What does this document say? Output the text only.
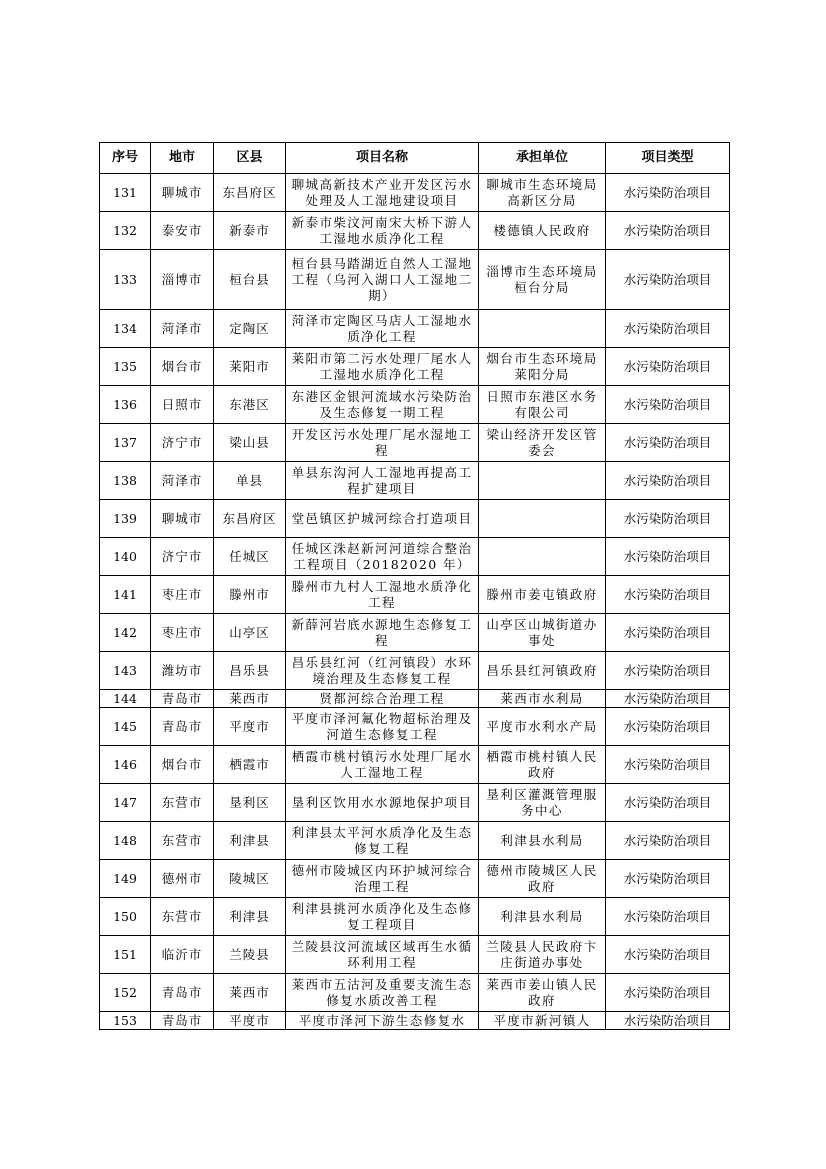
序号	地市	区县	项目名称	承担单位	项目类型
131	聊城市	东昌府区	聊城高新技术产业开发区污水处理及人工湿地建设项目	聊城市生态环境局高新区分局	水污染防治项目
132	泰安市	新泰市	新泰市柴汶河南宋大桥下游人工湿地水质净化工程	楼德镇人民政府	水污染防治项目
133	淄博市	桓台县	桓台县马踏湖近自然人工湿地工程（乌河入湖口人工湿地二期）	淄博市生态环境局桓台分局	水污染防治项目
134	菏泽市	定陶区	菏泽市定陶区马店人工湿地水质净化工程		水污染防治项目
135	烟台市	莱阳市	莱阳市第二污水处理厂尾水人工湿地水质净化工程	烟台市生态环境局莱阳分局	水污染防治项目
136	日照市	东港区	东港区金银河流域水污染防治及生态修复一期工程	日照市东港区水务有限公司	水污染防治项目
137	济宁市	梁山县	开发区污水处理厂尾水湿地工程	梁山经济开发区管委会	水污染防治项目
138	菏泽市	单县	单县东沟河人工湿地再提高工程扩建项目		水污染防治项目
139	聊城市	东昌府区	堂邑镇区护城河综合打造项目		水污染防治项目
140	济宁市	任城区	任城区洙赵新河河道综合整治工程项目（20182020 年）		水污染防治项目
141	枣庄市	滕州市	滕州市九村人工湿地水质净化工程	滕州市姜屯镇政府	水污染防治项目
142	枣庄市	山亭区	新薛河岩底水源地生态修复工程	山亭区山城街道办事处	水污染防治项目
143	潍坊市	昌乐县	昌乐县红河（红河镇段）水环境治理及生态修复工程	昌乐县红河镇政府	水污染防治项目
144	青岛市	莱西市	贤都河综合治理工程	莱西市水利局	水污染防治项目
145	青岛市	平度市	平度市泽河氟化物超标治理及河道生态修复工程	平度市水利水产局	水污染防治项目
146	烟台市	栖霞市	栖霞市桃村镇污水处理厂尾水人工湿地工程	栖霞市桃村镇人民政府	水污染防治项目
147	东营市	垦利区	垦利区饮用水水源地保护项目	垦利区灌溉管理服务中心	水污染防治项目
148	东营市	利津县	利津县太平河水质净化及生态修复工程	利津县水利局	水污染防治项目
149	德州市	陵城区	德州市陵城区内环护城河综合治理工程	德州市陵城区人民政府	水污染防治项目
150	东营市	利津县	利津县挑河水质净化及生态修复工程项目	利津县水利局	水污染防治项目
151	临沂市	兰陵县	兰陵县汶河流域区域再生水循环利用工程	兰陵县人民政府卞庄街道办事处	水污染防治项目
152	青岛市	莱西市	莱西市五沽河及重要支流生态修复水质改善工程	莱西市姜山镇人民政府	水污染防治项目
153	青岛市	平度市	平度市泽河下游生态修复水	平度市新河镇人	水污染防治项目
